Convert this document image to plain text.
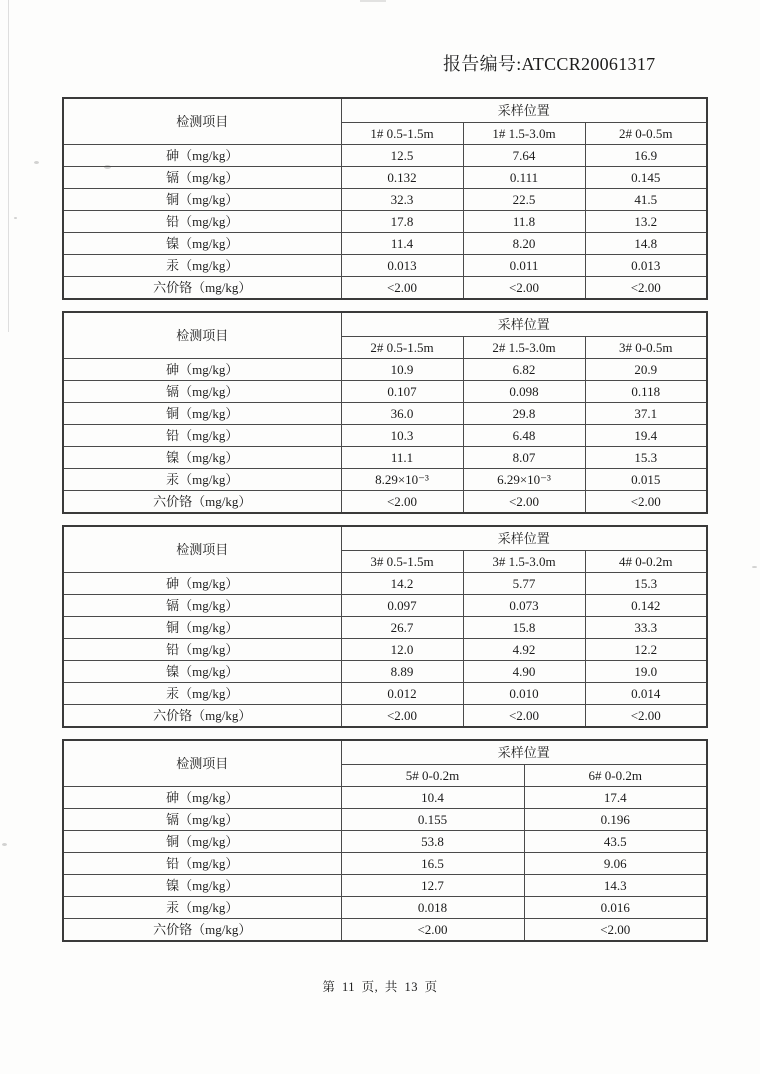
报告编号:ATCCR20061317
检测项目	采样位置		
	1# 0.5-1.5m	1# 1.5-3.0m	2# 0-0.5m
砷（mg/kg）	12.5	7.64	16.9
镉（mg/kg）	0.132	0.111	0.145
铜（mg/kg）	32.3	22.5	41.5
铅（mg/kg）	17.8	11.8	13.2
镍（mg/kg）	11.4	8.20	14.8
汞（mg/kg）	0.013	0.011	0.013
六价铬（mg/kg）	<2.00	<2.00	<2.00
检测项目	采样位置		
	2# 0.5-1.5m	2# 1.5-3.0m	3# 0-0.5m
砷（mg/kg）	10.9	6.82	20.9
镉（mg/kg）	0.107	0.098	0.118
铜（mg/kg）	36.0	29.8	37.1
铅（mg/kg）	10.3	6.48	19.4
镍（mg/kg）	11.1	8.07	15.3
汞（mg/kg）	8.29×10⁻³	6.29×10⁻³	0.015
六价铬（mg/kg）	<2.00	<2.00	<2.00
检测项目	采样位置		
	3# 0.5-1.5m	3# 1.5-3.0m	4# 0-0.2m
砷（mg/kg）	14.2	5.77	15.3
镉（mg/kg）	0.097	0.073	0.142
铜（mg/kg）	26.7	15.8	33.3
铅（mg/kg）	12.0	4.92	12.2
镍（mg/kg）	8.89	4.90	19.0
汞（mg/kg）	0.012	0.010	0.014
六价铬（mg/kg）	<2.00	<2.00	<2.00
检测项目	采样位置	
	5# 0-0.2m	6# 0-0.2m
砷（mg/kg）	10.4	17.4
镉（mg/kg）	0.155	0.196
铜（mg/kg）	53.8	43.5
铅（mg/kg）	16.5	9.06
镍（mg/kg）	12.7	14.3
汞（mg/kg）	0.018	0.016
六价铬（mg/kg）	<2.00	<2.00
第 11 页, 共 13 页
